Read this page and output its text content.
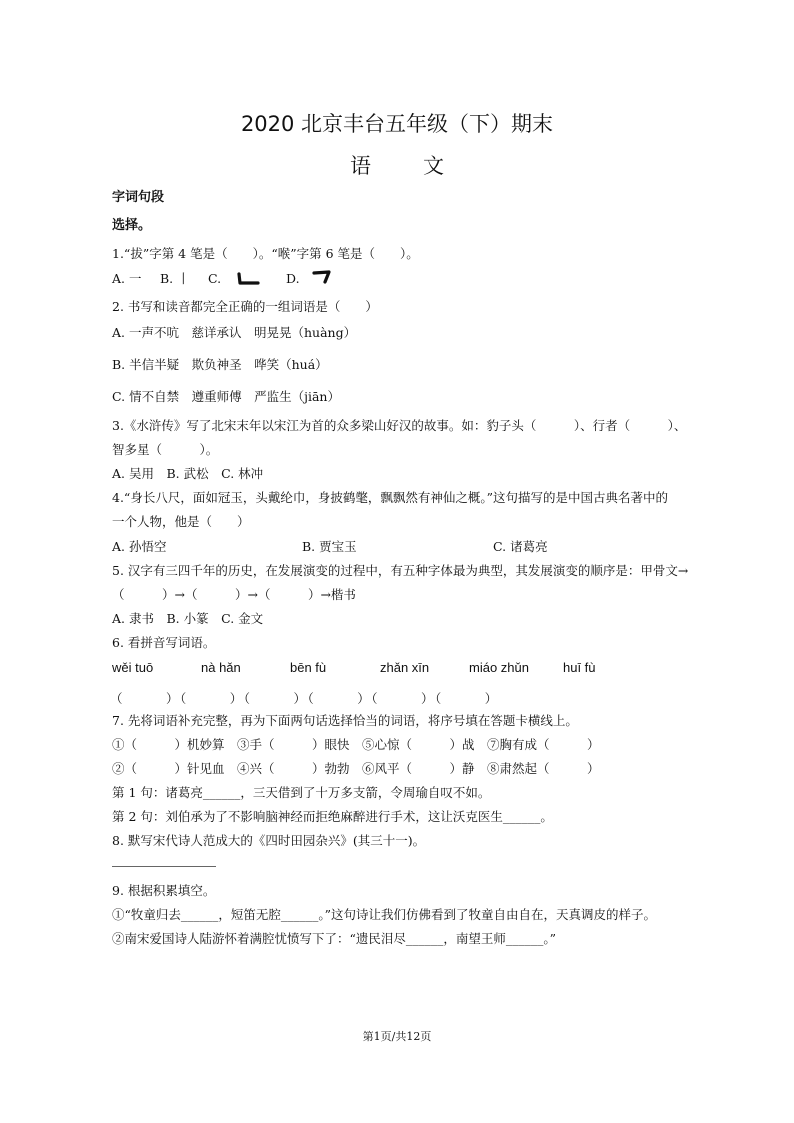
2020 北京丰台五年级（下）期末
语 文
字词句段
选择。
1.“拔”字第 4 笔是（　　）。“喉”字第 6 笔是（　　）。
A. 一 B. 丨 C.	D.
2. 书写和读音都完全正确的一组词语是（　　）
A. 一声不吭　慈详承认　明晃晃（huàng）
B. 半信半疑　欺负神圣　哗笑（huá）
C. 情不自禁　遵重师傅　严监生（jiān）
3.《水浒传》写了北宋末年以宋江为首的众多梁山好汉的故事。如：豹子头（　　　）、行者（　　　）、
智多星（　　　）。
A. 吴用　B. 武松　C. 林冲
4.“身长八尺，面如冠玉，头戴纶巾，身披鹤氅，飘飘然有神仙之概。”这句描写的是中国古典名著中的
一个人物，他是（　　）
A. 孙悟空	B. 贾宝玉	C. 诸葛亮
5. 汉字有三四千年的历史，在发展演变的过程中，有五种字体最为典型，其发展演变的顺序是：甲骨文→
（　　　）→（　　　）→（　　　）→楷书
A. 隶书　B. 小篆　C. 金文
6. 看拼音写词语。
wěi tuō	nà hǎn	bēn fù	zhǎn xīn	miáo zhǔn	huī fù
（　　　）（　　　）（　　　）（　　　）（　　　）（　　　）
7. 先将词语补充完整，再为下面两句话选择恰当的词语，将序号填在答题卡横线上。
①（　　　）机妙算　③手（　　　）眼快　⑤心惊（　　　）战　⑦胸有成（　　　）
②（　　　）针见血　④兴（　　　）勃勃　⑥风平（　　　）静　⑧肃然起（　　　）
第 1 句：诸葛亮______，三天借到了十万多支箭，令周瑜自叹不如。
第 2 句：刘伯承为了不影响脑神经而拒绝麻醉进行手术，这让沃克医生______。
8. 默写宋代诗人范成大的《四时田园杂兴》(其三十一)。
9. 根据积累填空。
①“牧童归去______，短笛无腔______。”这句诗让我们仿佛看到了牧童自由自在，天真调皮的样子。
②南宋爱国诗人陆游怀着满腔忧愤写下了：“遗民泪尽______，南望王师______。”
第1页/共12页
